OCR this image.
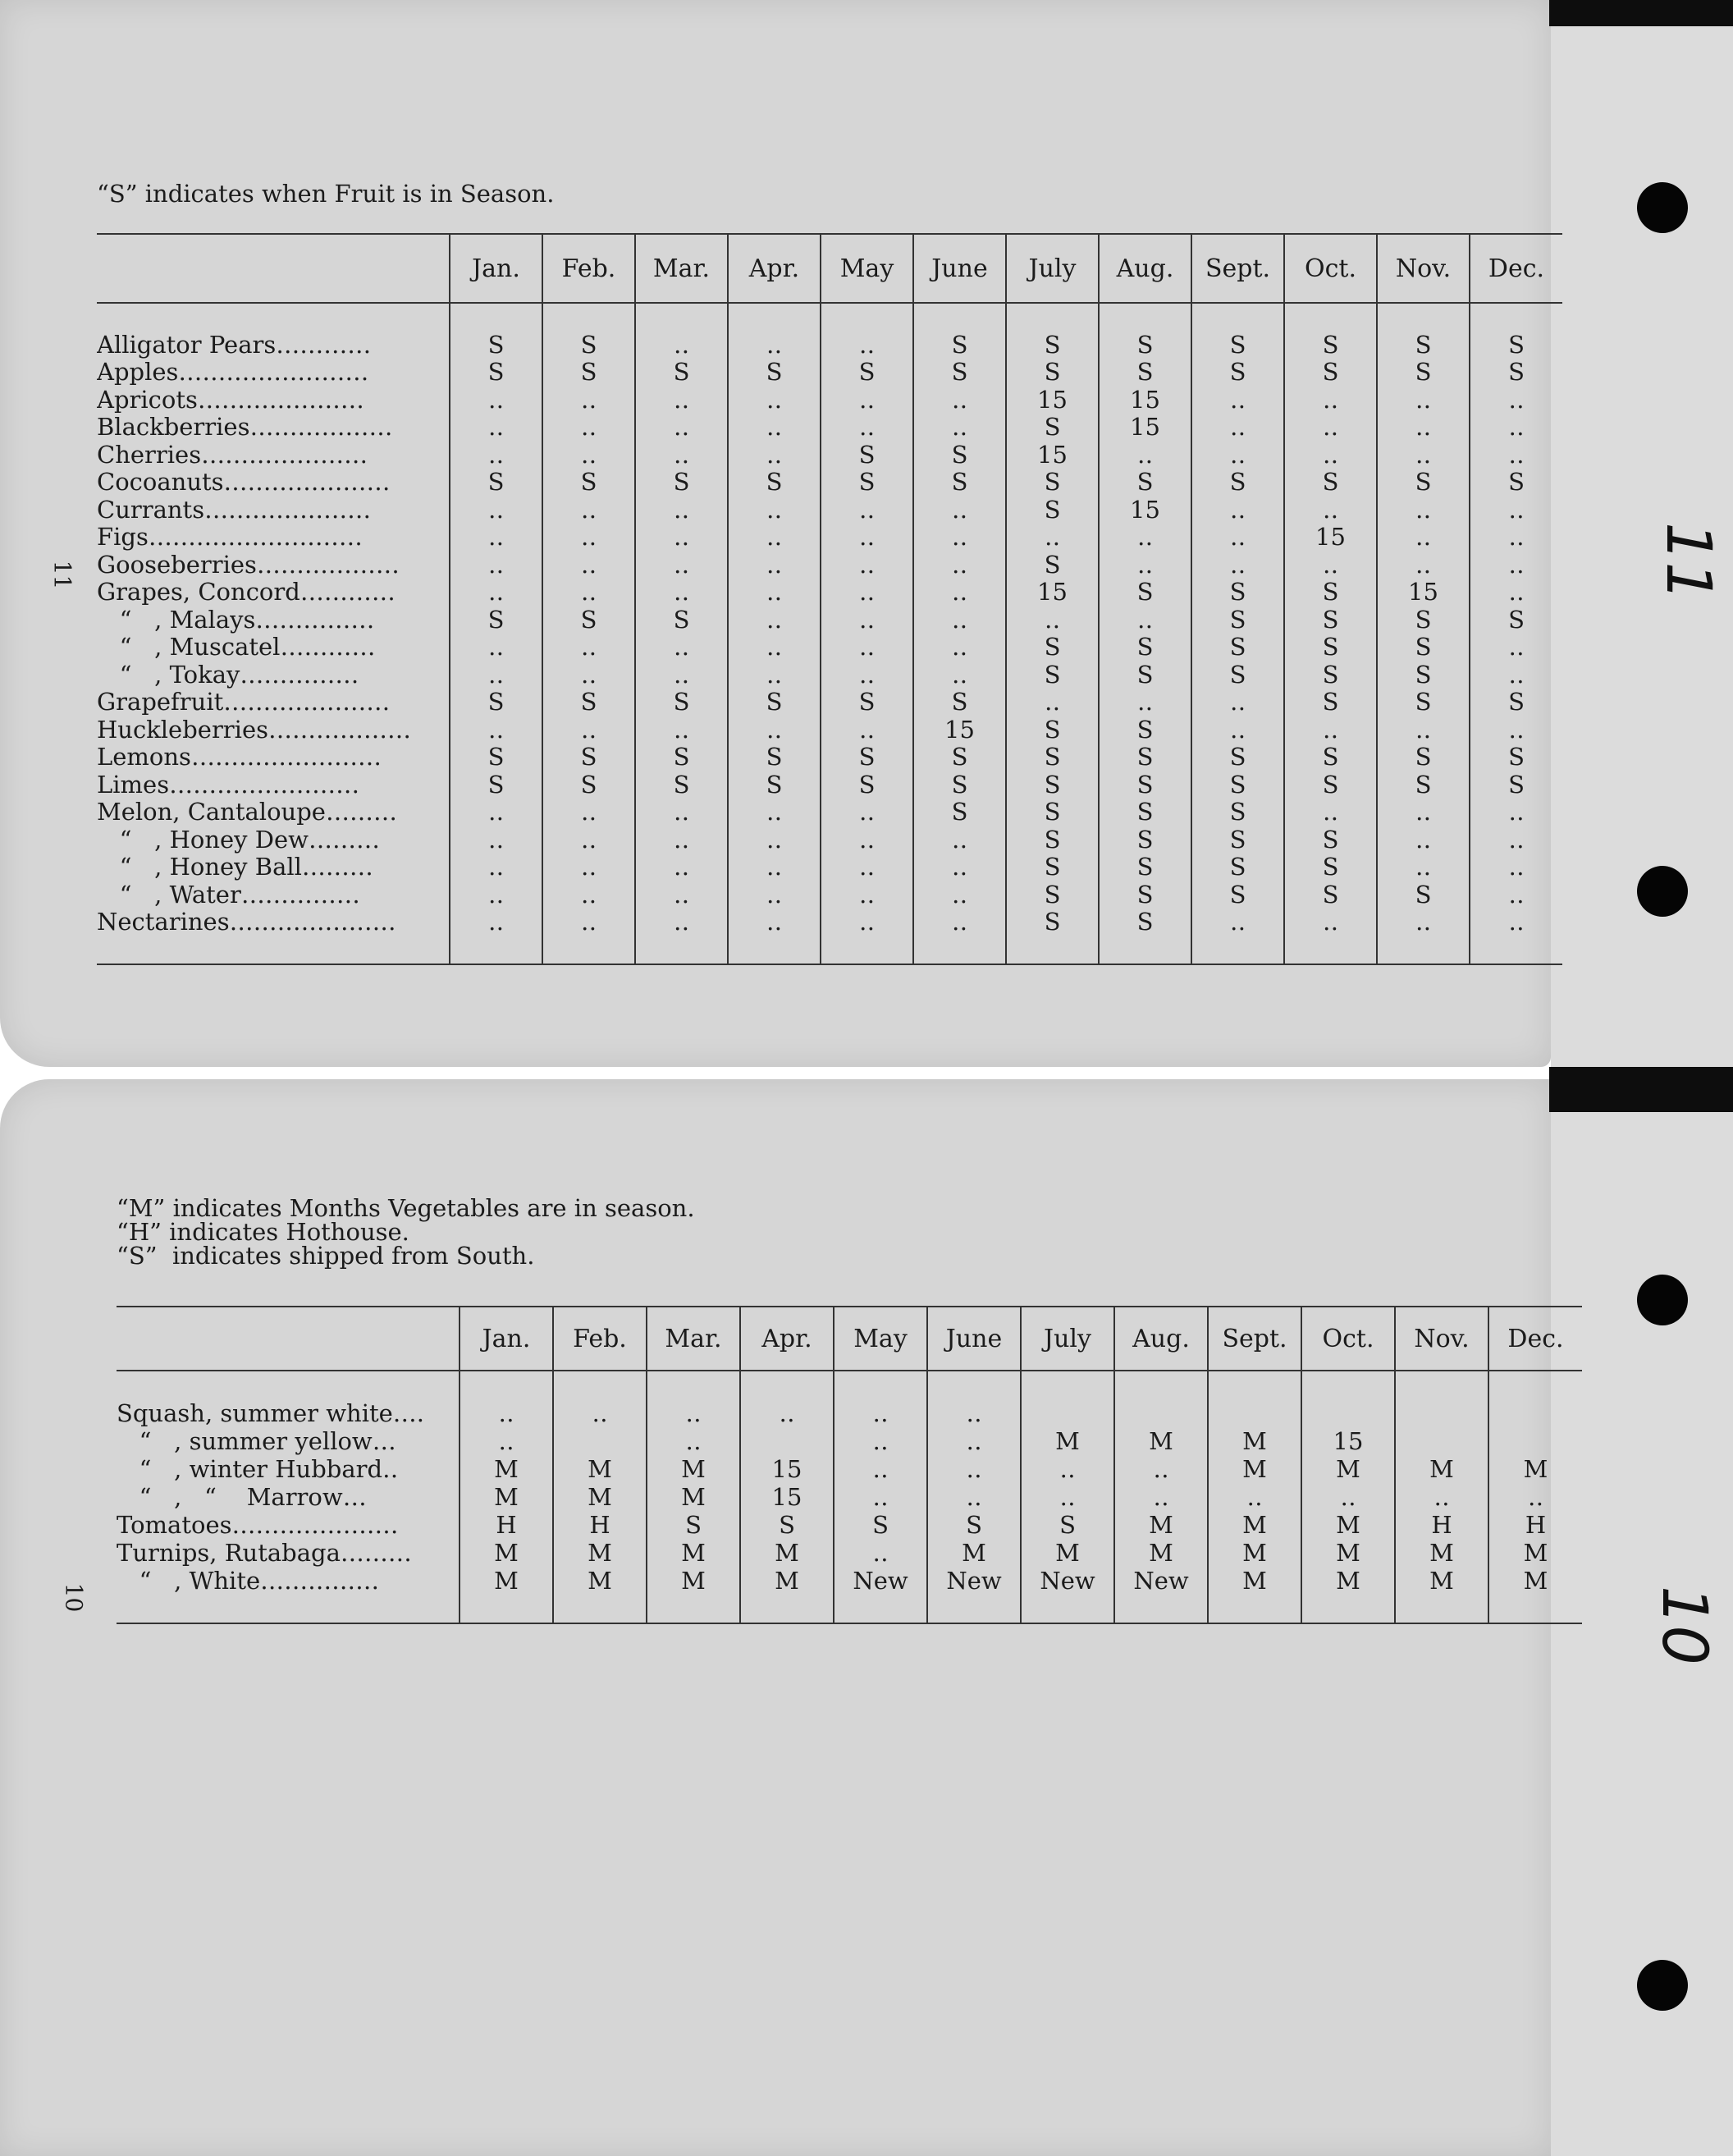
“S” indicates when Fruit is in Season.
11	11
	Jan.	Feb.	Mar.	Apr.	May	June	July	Aug.	Sept.	Oct.	Nov.	Dec.

Alligator Pears…………	S	S	‥	‥	‥	S	S	S	S	S	S	S
Apples……………………	S	S	S	S	S	S	S	S	S	S	S	S
Apricots…………………	‥	‥	‥	‥	‥	‥	15	15	‥	‥	‥	‥
Blackberries………………	‥	‥	‥	‥	‥	‥	S	15	‥	‥	‥	‥
Cherries…………………	‥	‥	‥	‥	S	S	15	‥	‥	‥	‥	‥
Cocoanuts…………………	S	S	S	S	S	S	S	S	S	S	S	S
Currants…………………	‥	‥	‥	‥	‥	‥	S	15	‥	‥	‥	‥
Figs………………………	‥	‥	‥	‥	‥	‥	‥	‥	‥	15	‥	‥
Gooseberries………………	‥	‥	‥	‥	‥	‥	S	‥	‥	‥	‥	‥
Grapes, Concord…………	‥	‥	‥	‥	‥	‥	15	S	S	S	15	‥
“   , Malays……………	S	S	S	‥	‥	‥	‥	‥	S	S	S	S
“   , Muscatel…………	‥	‥	‥	‥	‥	‥	S	S	S	S	S	‥
“   , Tokay……………	‥	‥	‥	‥	‥	‥	S	S	S	S	S	‥
Grapefruit…………………	S	S	S	S	S	S	‥	‥	‥	S	S	S
Huckleberries………………	‥	‥	‥	‥	‥	15	S	S	‥	‥	‥	‥
Lemons……………………	S	S	S	S	S	S	S	S	S	S	S	S
Limes……………………	S	S	S	S	S	S	S	S	S	S	S	S
Melon, Cantaloupe………	‥	‥	‥	‥	‥	S	S	S	S	‥	‥	‥
“   , Honey Dew………	‥	‥	‥	‥	‥	‥	S	S	S	S	‥	‥
“   , Honey Ball………	‥	‥	‥	‥	‥	‥	S	S	S	S	‥	‥
“   , Water……………	‥	‥	‥	‥	‥	‥	S	S	S	S	S	‥
Nectarines…………………	‥	‥	‥	‥	‥	‥	S	S	‥	‥	‥	‥

“M” indicates Months Vegetables are in season.
“H” indicates Hothouse.
“S”  indicates shipped from South.
10	10
	Jan.	Feb.	Mar.	Apr.	May	June	July	Aug.	Sept.	Oct.	Nov.	Dec.

Squash, summer white….	‥	‥	‥	‥	‥	‥						
“   , summer yellow…	‥		‥		‥	‥	M	M	M	15		
“   , winter Hubbard‥	M	M	M	15	‥	‥	‥	‥	M	M	M	M
“   ,   “    Marrow…	M	M	M	15	‥	‥	‥	‥	‥	‥	‥	‥
Tomatoes…………………	H	H	S	S	S	S	S	M	M	M	H	H
Turnips, Rutabaga………	M	M	M	M	‥	M	M	M	M	M	M	M
“   , White……………	M	M	M	M	New	New	New	New	M	M	M	M
